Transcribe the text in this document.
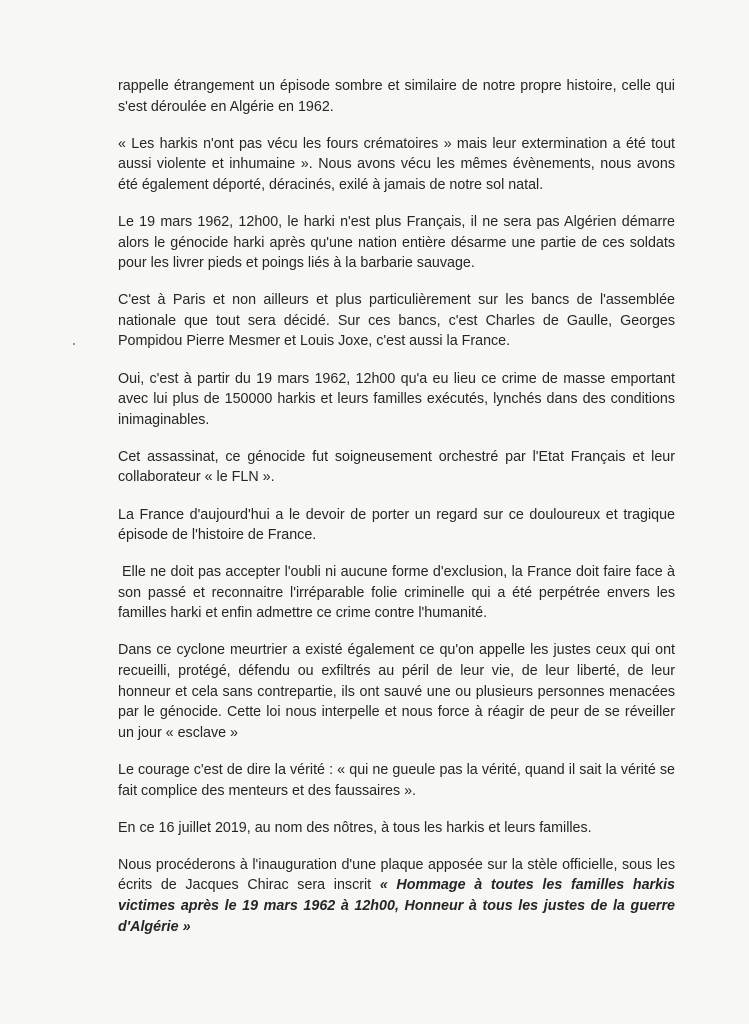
rappelle étrangement un épisode sombre et similaire de notre propre histoire, celle qui s'est déroulée en Algérie en 1962.

« Les harkis n'ont pas vécu les fours crématoires » mais leur extermination a été tout aussi violente et inhumaine ». Nous avons vécu les mêmes évènements, nous avons été également déporté, déracinés, exilé à jamais de notre sol natal.

Le 19 mars 1962, 12h00, le harki n'est plus Français, il ne sera pas Algérien démarre alors le génocide harki après qu'une nation entière désarme une partie de ces soldats pour les livrer pieds et poings liés à la barbarie sauvage.

C'est à Paris et non ailleurs et plus particulièrement sur les bancs de l'assemblée nationale que tout sera décidé. Sur ces bancs, c'est Charles de Gaulle, Georges Pompidou Pierre Mesmer et Louis Joxe, c'est aussi la France.

Oui, c'est à partir du 19 mars 1962, 12h00 qu'a eu lieu ce crime de masse emportant avec lui plus de 150000 harkis et leurs familles exécutés, lynchés dans des conditions inimaginables.

Cet assassinat, ce génocide fut soigneusement orchestré par l'Etat Français et leur collaborateur « le FLN ».

La France d'aujourd'hui a le devoir de porter un regard sur ce douloureux et tragique épisode de l'histoire de France.

Elle ne doit pas accepter l'oubli ni aucune forme d'exclusion, la France doit faire face à son passé et reconnaitre l'irréparable folie criminelle qui a été perpétrée envers les familles harki et enfin admettre ce crime contre l'humanité.

Dans ce cyclone meurtrier a existé également ce qu'on appelle les justes ceux qui ont recueilli, protégé, défendu ou exfiltrés au péril de leur vie, de leur liberté, de leur honneur et cela sans contrepartie, ils ont sauvé une ou plusieurs personnes menacées par le génocide. Cette loi nous interpelle et nous force à réagir de peur de se réveiller un jour « esclave »

Le courage c'est de dire la vérité : « qui ne gueule pas la vérité, quand il sait la vérité se fait complice des menteurs et des faussaires ».

En ce 16 juillet 2019, au nom des nôtres, à tous les harkis et leurs familles.

Nous procéderons à l'inauguration d'une plaque apposée sur la stèle officielle, sous les écrits de Jacques Chirac sera inscrit « Hommage à toutes les familles harkis victimes après le 19 mars 1962 à 12h00, Honneur à tous les justes de la guerre d'Algérie »
